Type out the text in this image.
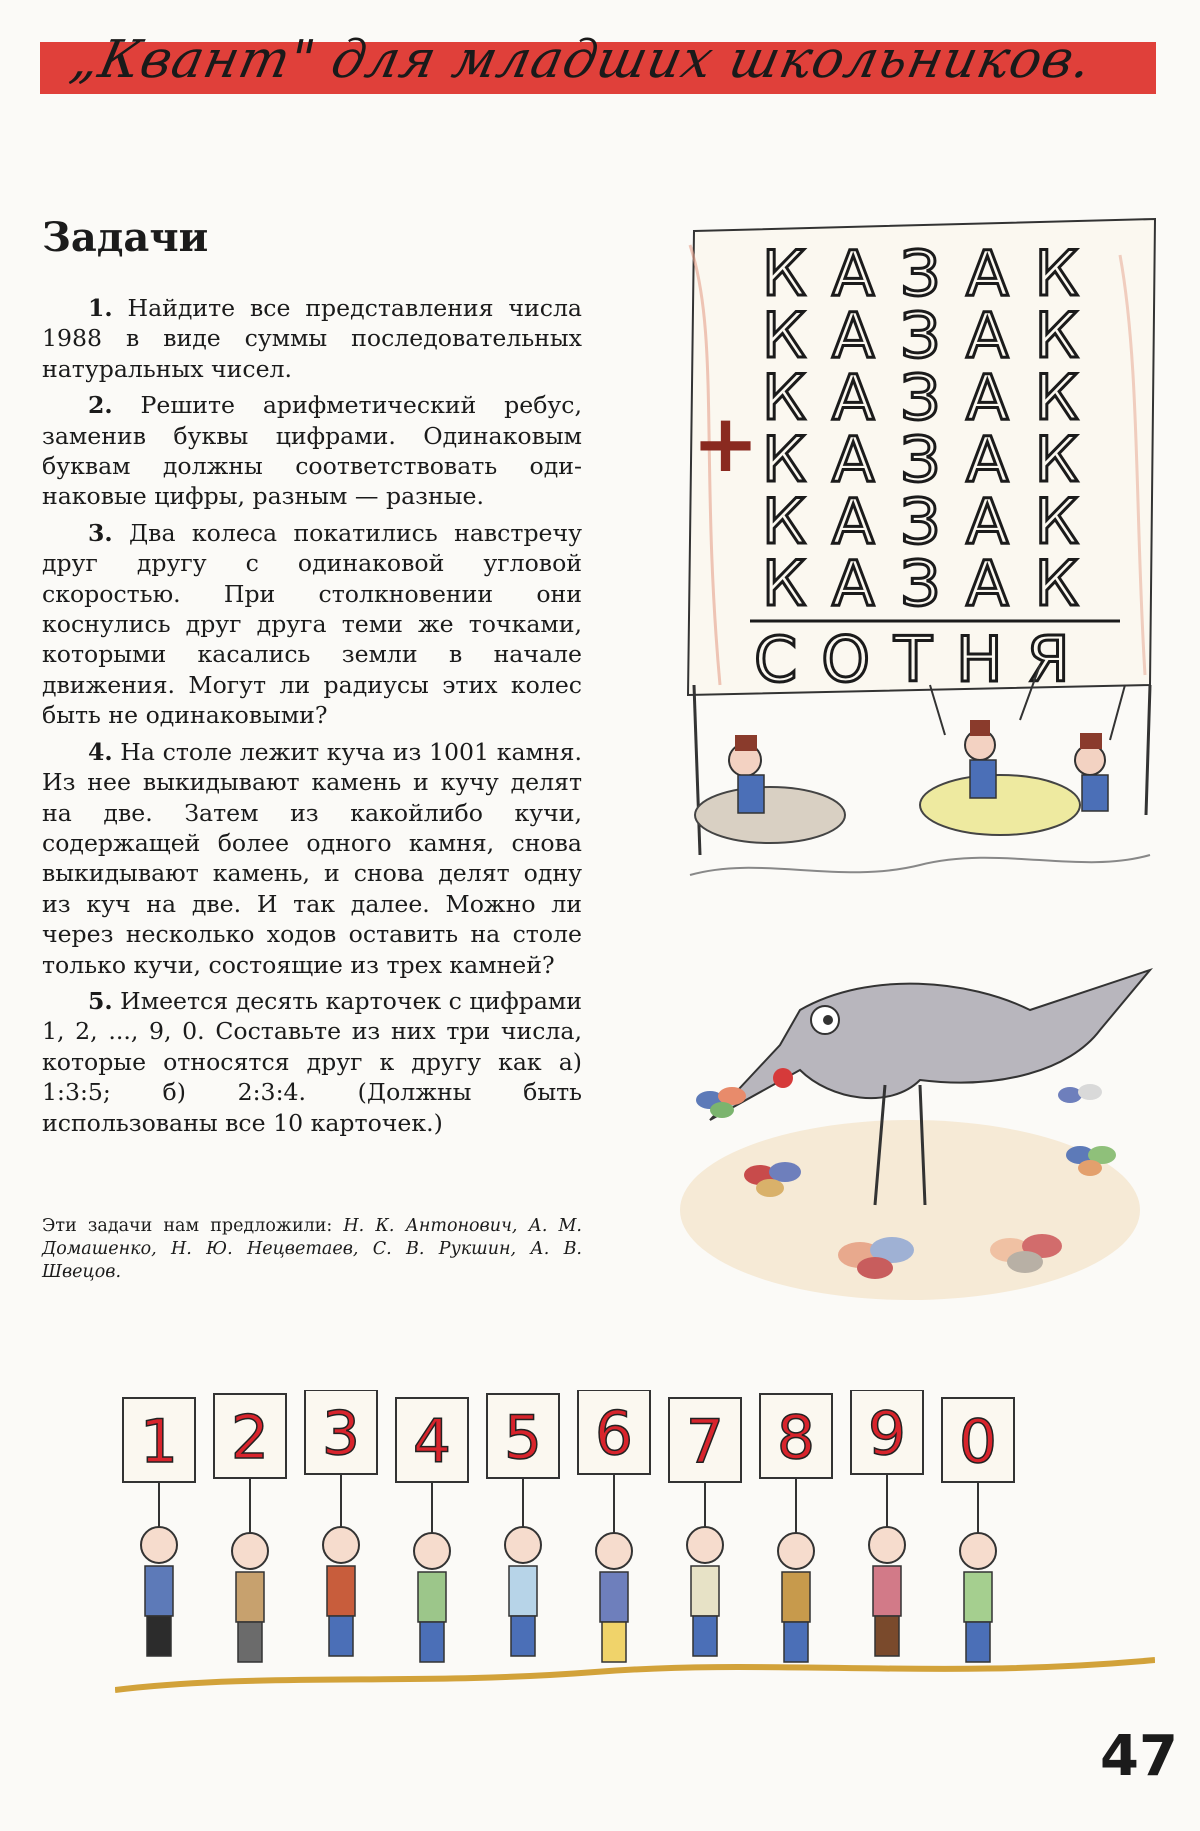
„Квант" для младших школьников.
Задачи

1. Найдите все представления числа 1988 в виде суммы последовательных натуральных чисел.

2. Решите арифметический ребус, заменив буквы цифрами. Одинаковым буквам должны соответствовать одинаковые цифры, разным — разные.

3. Два колеса покатились навстречу друг другу с одинаковой угловой скоростью. При столкновении они коснулись друг друга теми же точками, которыми касались земли в начале движения. Могут ли радиусы этих колес быть не одинаковыми?

4. На столе лежит куча из 1001 камня. Из нее выкидывают камень и кучу делят на две. Затем из какойлибо кучи, содержащей более одного камня, снова выкидывают камень, и снова делят одну из куч на две. И так далее. Можно ли через несколько ходов оставить на столе только кучи, состоящие из трех камней?

5. Имеется десять карточек с цифрами 1, 2, ..., 9, 0. Составьте из них три числа, которые относятся друг к другу как а) 1:3:5; б) 2:3:4. (Должны быть использованы все 10 карточек.)

Эти задачи нам предложили: Н. К. Антонович, А. М. Домашенко, Н. Ю. Нецветаев, С. В. Рукшин, А. В. Швецов.
КАЗАК
КАЗАК
КАЗАК
КАЗАК
КАЗАК
КАЗАК
+
СОТНЯ
1 2 3 4 5 6 7 8 9 0
47
